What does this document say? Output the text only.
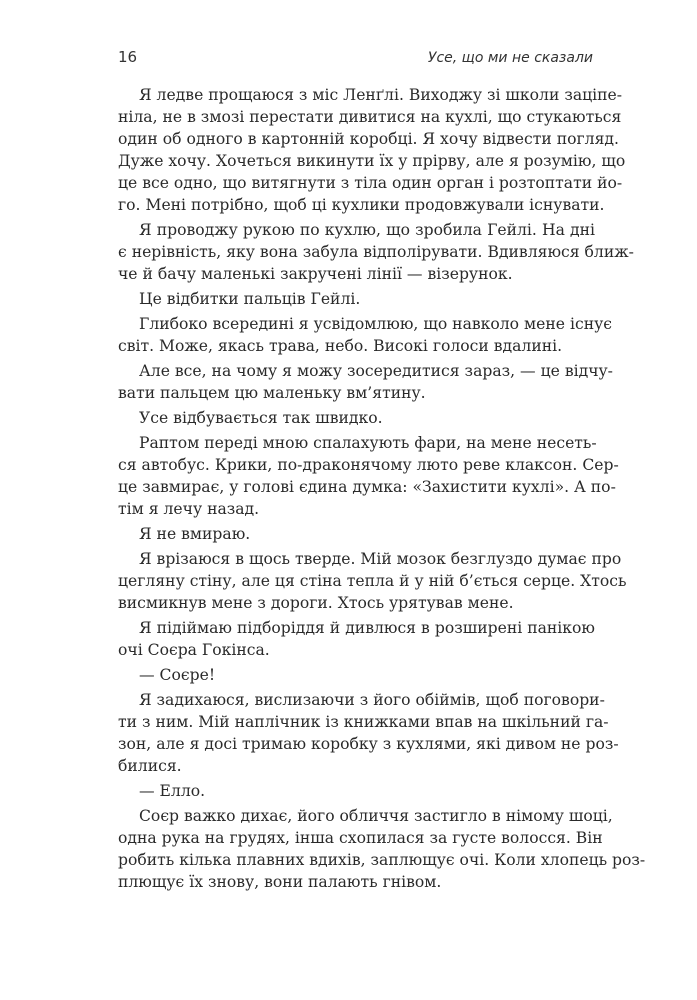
16	Усе, що ми не сказали
Я ледве прощаюся з міс Ленґлі. Виходжу зі школи заціпе-
ніла, не в змозі перестати дивитися на кухлі, що стукаються
один об одного в картонній коробці. Я хочу відвести погляд.
Дуже хочу. Хочеться викинути їх у прірву, але я розумію, що
це все одно, що витягнути з тіла один орган і розтоптати йо-
го. Мені потрібно, щоб ці кухлики продовжували існувати.
Я проводжу рукою по кухлю, що зробила Гейлі. На дні
є нерівність, яку вона забула відполірувати. Вдивляюся ближ-
че й бачу маленькі закручені лінії — візерунок.
Це відбитки пальців Гейлі.
Глибоко всередині я усвідомлюю, що навколо мене існує
світ. Може, якась трава, небо. Високі голоси вдалині.
Але все, на чому я можу зосередитися зараз, — це відчу-
вати пальцем цю маленьку вм’ятину.
Усе відбувається так швидко.
Раптом переді мною спалахують фари, на мене несеть-
ся автобус. Крики, по-драконячому люто реве клаксон. Сер-
це завмирає, у голові єдина думка: «Захистити кухлі». А по-
тім я лечу назад.
Я не вмираю.
Я врізаюся в щось тверде. Мій мозок безглуздо думає про
цегляну стіну, але ця стіна тепла й у ній б’ється серце. Хтось
висмикнув мене з дороги. Хтось урятував мене.
Я підіймаю підборіддя й дивлюся в розширені панікою
очі Соєра Гокінса.
— Соєре!
Я задихаюся, вислизаючи з його обіймів, щоб поговори-
ти з ним. Мій наплічник із книжками впав на шкільний га-
зон, але я досі тримаю коробку з кухлями, які дивом не роз-
билися.
— Елло.
Соєр важко дихає, його обличчя застигло в німому шоці,
одна рука на грудях, інша схопилася за густе волосся. Він
робить кілька плавних вдихів, заплющує очі. Коли хлопець роз-
плющує їх знову, вони палають гнівом.
